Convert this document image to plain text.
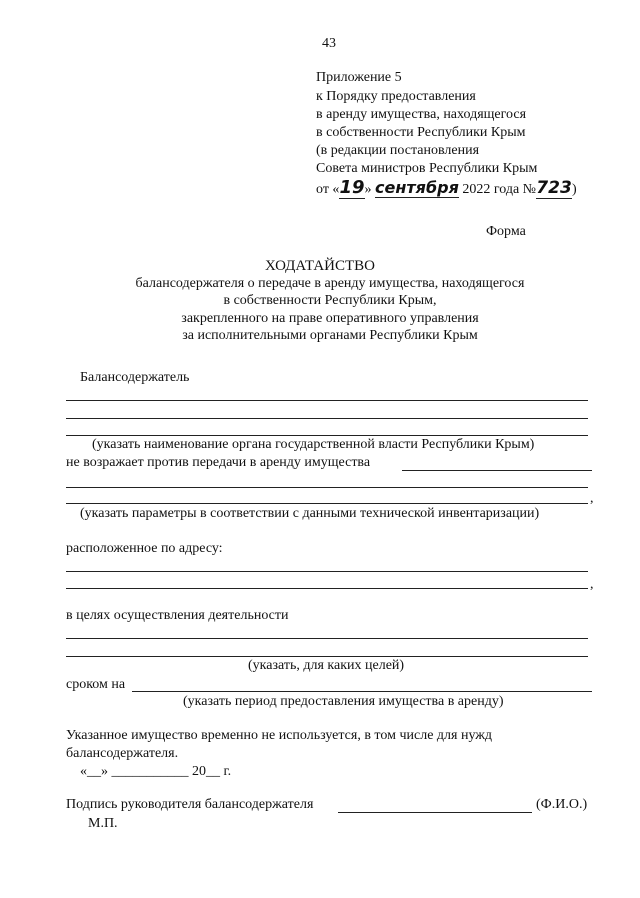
43
Приложение 5
к Порядку предоставления
в аренду имущества, находящегося
в собственности Республики Крым
(в редакции постановления
Совета министров Республики Крым
от «19» сентября 2022 года №723)
Форма
ХОДАТАЙСТВО
балансодержателя о передаче в аренду имущества, находящегося
в собственности Республики Крым,
закрепленного на праве оперативного управления
за исполнительными органами Республики Крым
Балансодержатель
(указать наименование органа государственной власти Республики Крым)
не возражает против передачи в аренду имущества
,
(указать параметры в соответствии с данными технической инвентаризации)
расположенное по адресу:
,
в целях осуществления деятельности
(указать, для каких целей)
сроком на
(указать период предоставления имущества в аренду)
Указанное имущество временно не используется, в том числе для нужд
балансодержателя.
«__» ___________ 20__ г.
Подпись руководителя балансодержателя	(Ф.И.О.)
М.П.
